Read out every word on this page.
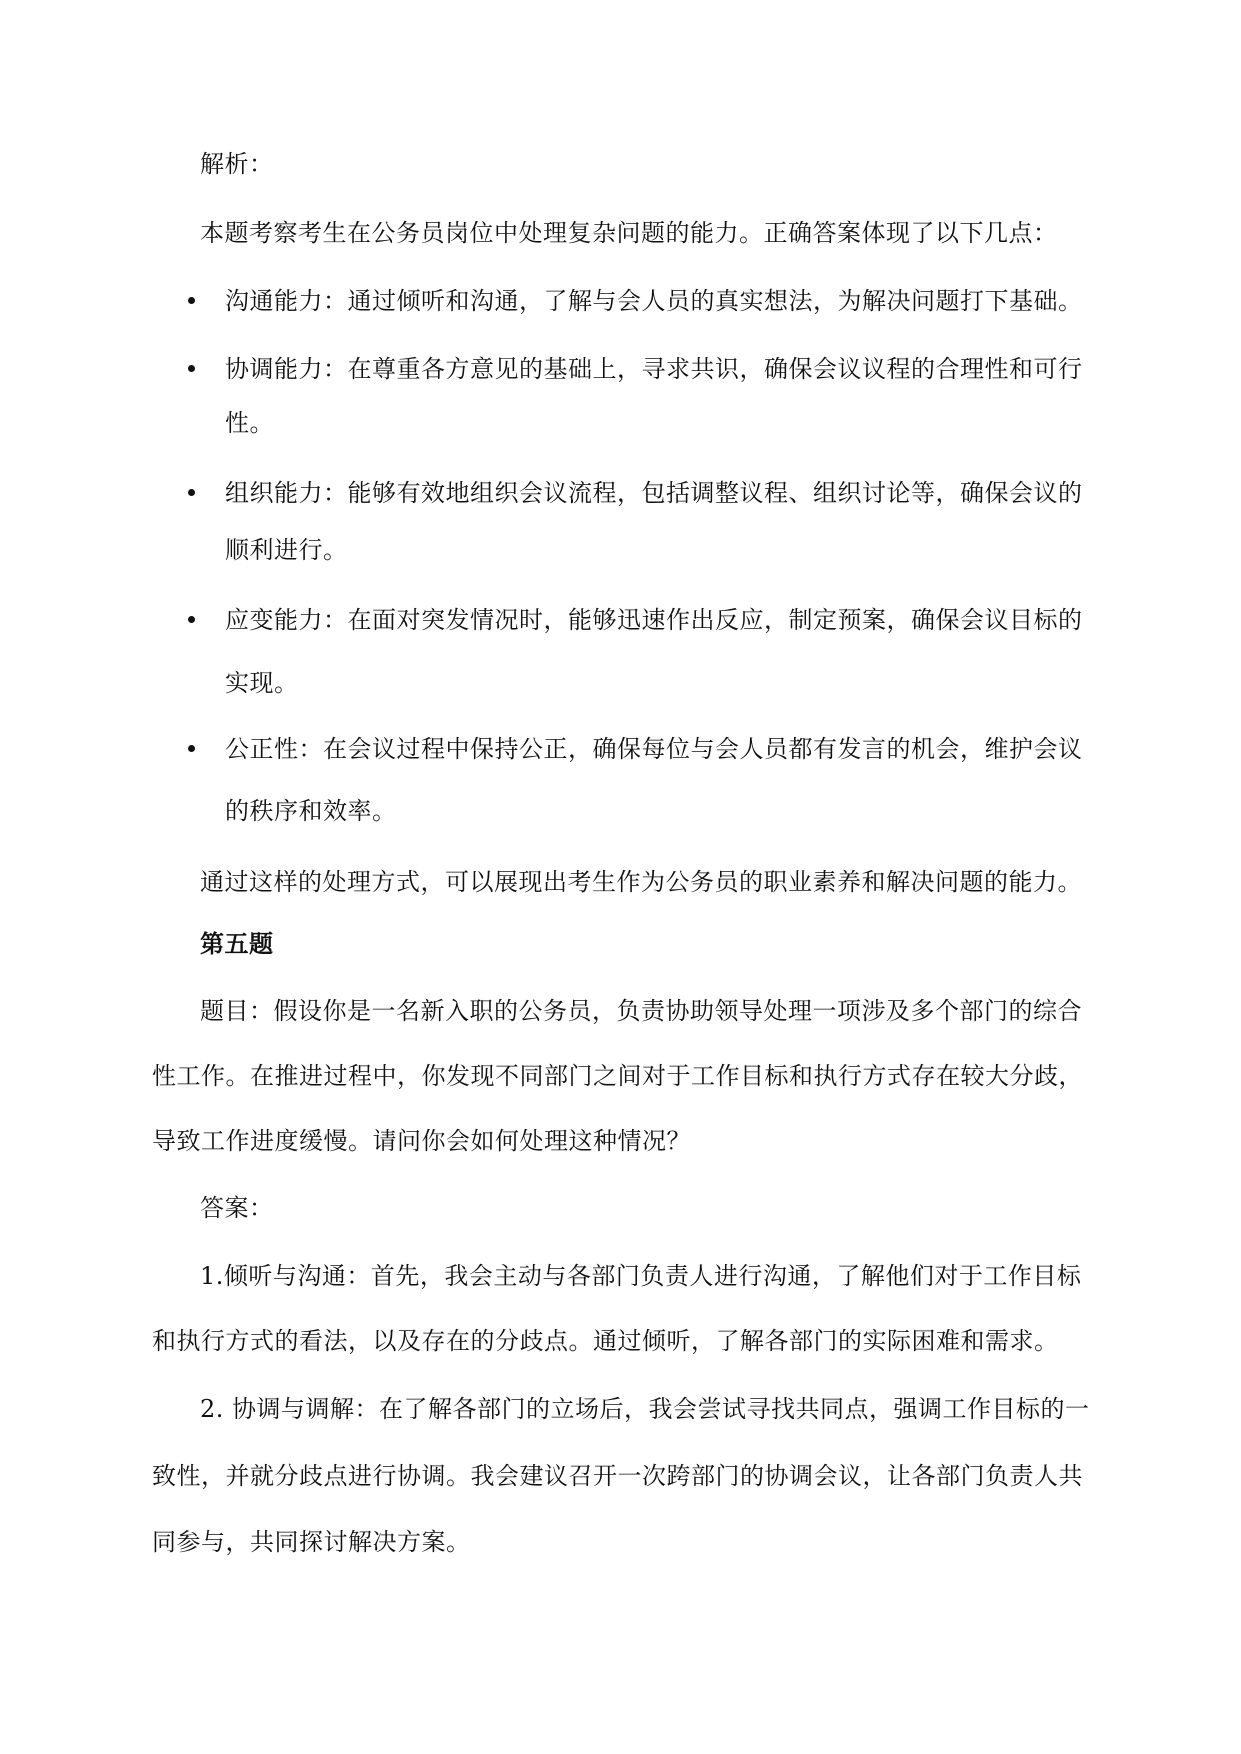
解析：
本题考察考生在公务员岗位中处理复杂问题的能力。正确答案体现了以下几点：
沟通能力：通过倾听和沟通，了解与会人员的真实想法，为解决问题打下基础。
协调能力：在尊重各方意见的基础上，寻求共识，确保会议议程的合理性和可行
性。
组织能力：能够有效地组织会议流程，包括调整议程、组织讨论等，确保会议的
顺利进行。
应变能力：在面对突发情况时，能够迅速作出反应，制定预案，确保会议目标的
实现。
公正性：在会议过程中保持公正，确保每位与会人员都有发言的机会，维护会议
的秩序和效率。
通过这样的处理方式，可以展现出考生作为公务员的职业素养和解决问题的能力。
第五题
题目：假设你是一名新入职的公务员，负责协助领导处理一项涉及多个部门的综合
性工作。在推进过程中，你发现不同部门之间对于工作目标和执行方式存在较大分歧，
导致工作进度缓慢。请问你会如何处理这种情况？
答案：
1.倾听与沟通：首先，我会主动与各部门负责人进行沟通，了解他们对于工作目标
和执行方式的看法，以及存在的分歧点。通过倾听，了解各部门的实际困难和需求。
2. 协调与调解：在了解各部门的立场后，我会尝试寻找共同点，强调工作目标的一
致性，并就分歧点进行协调。我会建议召开一次跨部门的协调会议，让各部门负责人共
同参与，共同探讨解决方案。
